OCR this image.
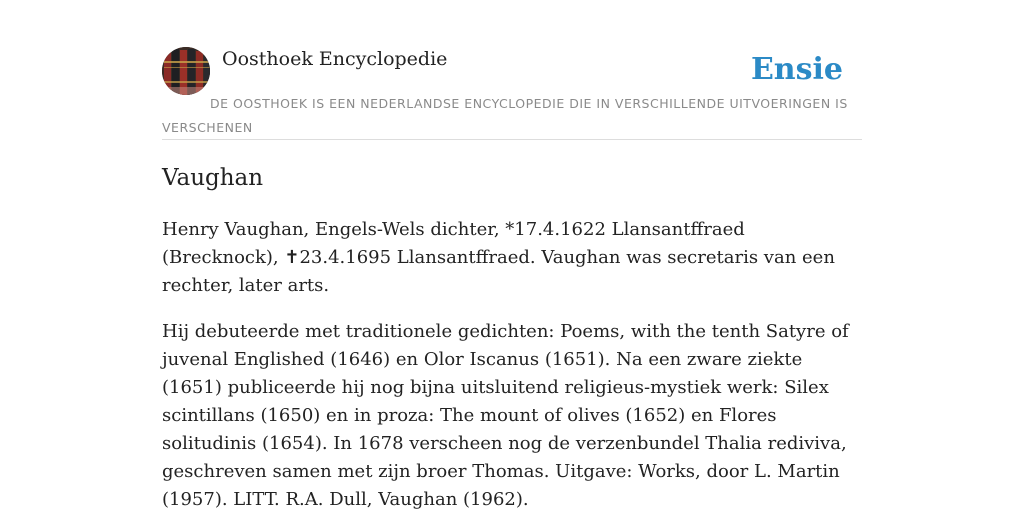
Oosthoek Encyclopedie	Ensie
DE OOSTHOEK IS EEN NEDERLANDSE ENCYCLOPEDIE DIE IN VERSCHILLENDE UITVOERINGEN IS VERSCHENEN
Vaughan

Henry Vaughan, Engels-Wels dichter, *17.4.1622 Llansantffraed (Brecknock), ✝23.4.1695 Llansantffraed. Vaughan was secretaris van een rechter, later arts.

Hij debuteerde met traditionele gedichten: Poems, with the tenth Satyre of juvenal Englished (1646) en Olor Iscanus (1651). Na een zware ziekte (1651) publiceerde hij nog bijna uitsluitend religieus-mystiek werk: Silex scintillans (1650) en in proza: The mount of olives (1652) en Flores solitudinis (1654). In 1678 verscheen nog de verzenbundel Thalia rediviva, geschreven samen met zijn broer Thomas. Uitgave: Works, door L. Martin (1957). LITT. R.A. Dull, Vaughan (1962).
